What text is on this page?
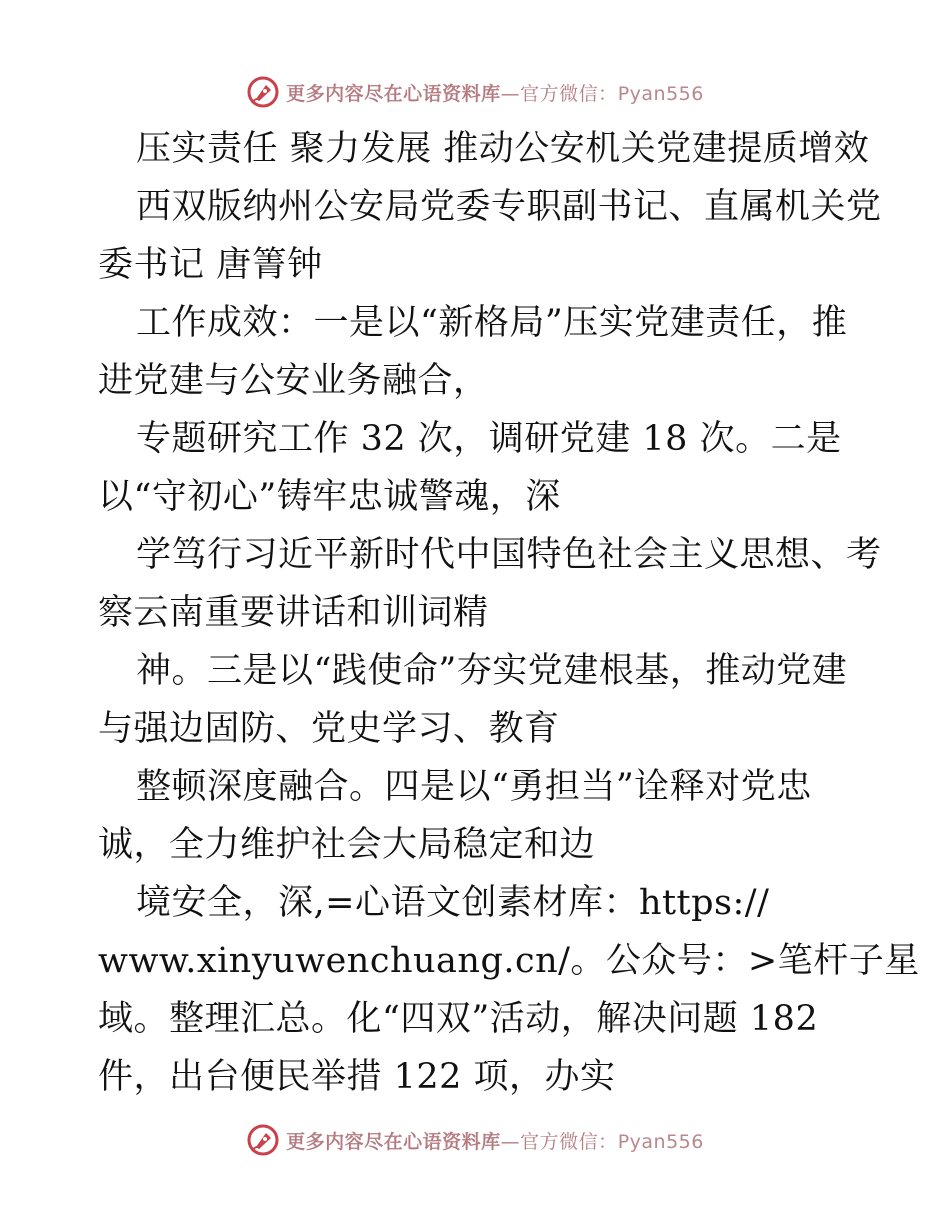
更多内容尽在心语资料库—官方微信：Pyan556
压实责任 聚力发展 推动公安机关党建提质增效
西双版纳州公安局党委专职副书记、直属机关党
委书记 唐箐钟
工作成效：一是以“新格局”压实党建责任，推
进党建与公安业务融合，
专题研究工作 32 次，调研党建 18 次。二是
以“守初心”铸牢忠诚警魂，深
学笃行习近平新时代中国特色社会主义思想、考
察云南重要讲话和训词精
神。三是以“践使命”夯实党建根基，推动党建
与强边固防、党史学习、教育
整顿深度融合。四是以“勇担当”诠释对党忠
诚，全力维护社会大局稳定和边
境安全，深,=心语文创素材库：https://
www.xinyuwenchuang.cn/。公众号：>笔杆子星
域。整理汇总。化“四双”活动，解决问题 182
件，出台便民举措 122 项，办实
更多内容尽在心语资料库—官方微信：Pyan556
